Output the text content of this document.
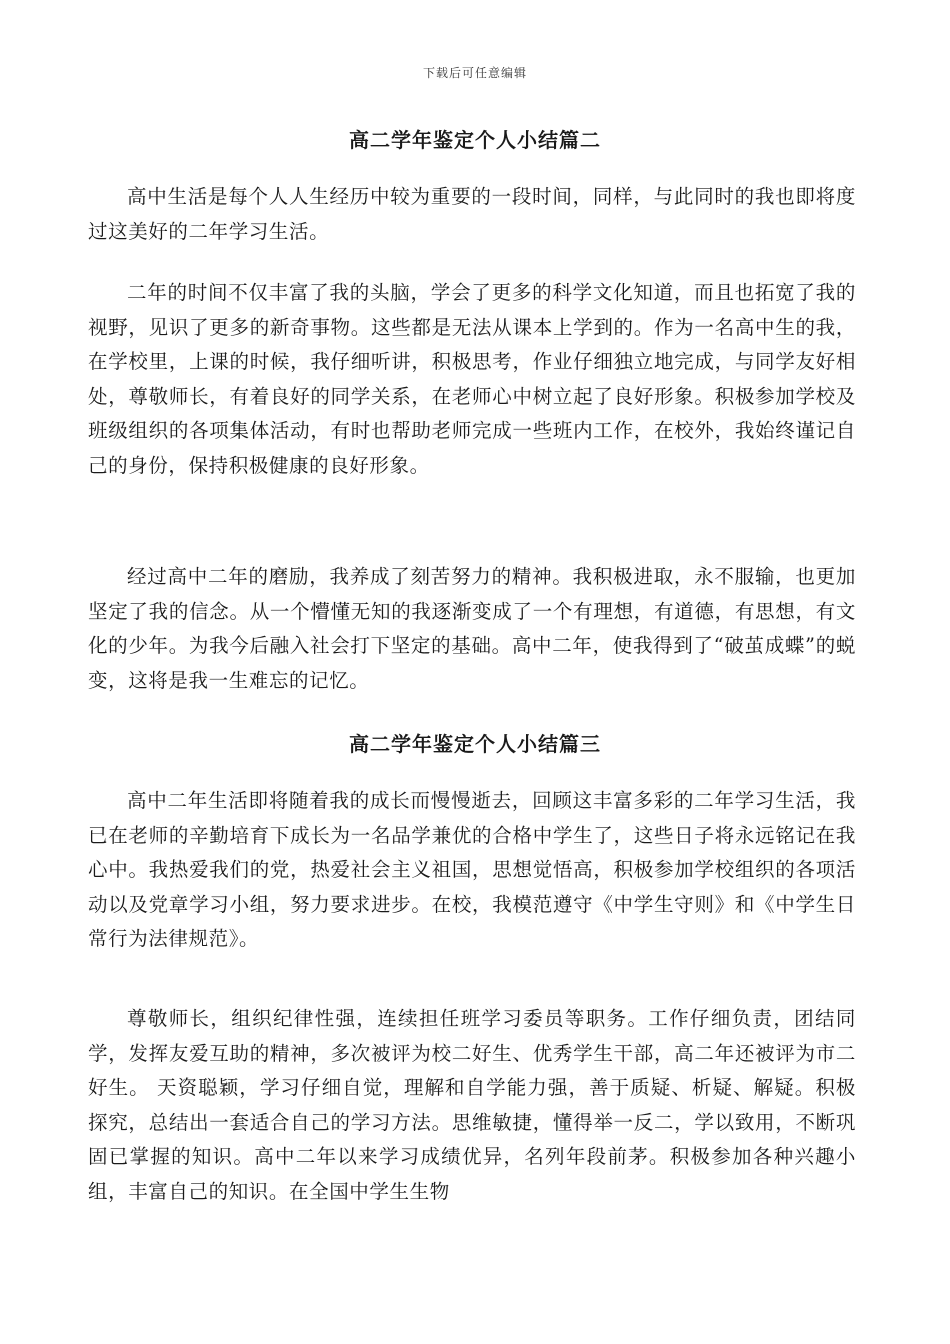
下载后可任意编辑
高二学年鉴定个人小结篇二

高中生活是每个人人生经历中较为重要的一段时间，同样，与此同时的我也即将度过这美好的二年学习生活。

二年的时间不仅丰富了我的头脑，学会了更多的科学文化知道，而且也拓宽了我的视野，见识了更多的新奇事物。这些都是无法从课本上学到的。作为一名高中生的我，在学校里，上课的时候，我仔细听讲，积极思考，作业仔细独立地完成，与同学友好相处，尊敬师长，有着良好的同学关系，在老师心中树立起了良好形象。积极参加学校及班级组织的各项集体活动，有时也帮助老师完成一些班内工作，在校外，我始终谨记自己的身份，保持积极健康的良好形象。

经过高中二年的磨励，我养成了刻苦努力的精神。我积极进取，永不服输，也更加坚定了我的信念。从一个懵懂无知的我逐渐变成了一个有理想，有道德，有思想，有文化的少年。为我今后融入社会打下坚定的基础。高中二年，使我得到了“破茧成蝶”的蜕变，这将是我一生难忘的记忆。

高二学年鉴定个人小结篇三

高中二年生活即将随着我的成长而慢慢逝去，回顾这丰富多彩的二年学习生活，我已在老师的辛勤培育下成长为一名品学兼优的合格中学生了，这些日子将永远铭记在我心中。我热爱我们的党，热爱社会主义祖国，思想觉悟高，积极参加学校组织的各项活动以及党章学习小组，努力要求进步。在校，我模范遵守《中学生守则》和《中学生日常行为法律规范》。

尊敬师长，组织纪律性强，连续担任班学习委员等职务。工作仔细负责，团结同学，发挥友爱互助的精神，多次被评为校二好生、优秀学生干部，高二年还被评为市二好生。 天资聪颖，学习仔细自觉，理解和自学能力强，善于质疑、析疑、解疑。积极探究，总结出一套适合自己的学习方法。思维敏捷，懂得举一反二，学以致用，不断巩固已掌握的知识。高中二年以来学习成绩优异，名列年段前茅。积极参加各种兴趣小组，丰富自己的知识。在全国中学生生物
